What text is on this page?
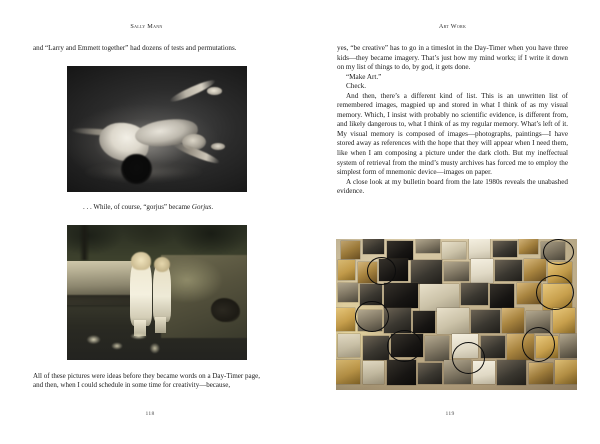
Sally Mann

and “Larry and Emmett together” had dozens of tests and permutations.

. . . While, of course, “gorjus” became Gorjus.
All of these pictures were ideas before they became words on a Day-Timer page, and then, when I could schedule in some time for creativity—because,
118
Art Work

yes, “be creative” has to go in a timeslot in the Day-Timer when you have three kids—they became imagery. That’s just how my mind works; if I write it down on my list of things to do, by god, it gets done.

“Make Art.”

Check.

And then, there’s a different kind of list. This is an unwritten list of remembered images, magpied up and stored in what I think of as my visual memory. Which, I insist with probably no scientific evidence, is different from, and likely dangerous to, what I think of as my regular memory. What’s left of it. My visual memory is composed of images—photographs, paintings—I have stored away as references with the hope that they will appear when I need them, like when I am composing a picture under the dark cloth. But my ineffectual system of retrieval from the mind’s musty archives has forced me to employ the simplest form of mnemonic device—images on paper.

A close look at my bulletin board from the late 1980s reveals the unabashed evidence.

119
